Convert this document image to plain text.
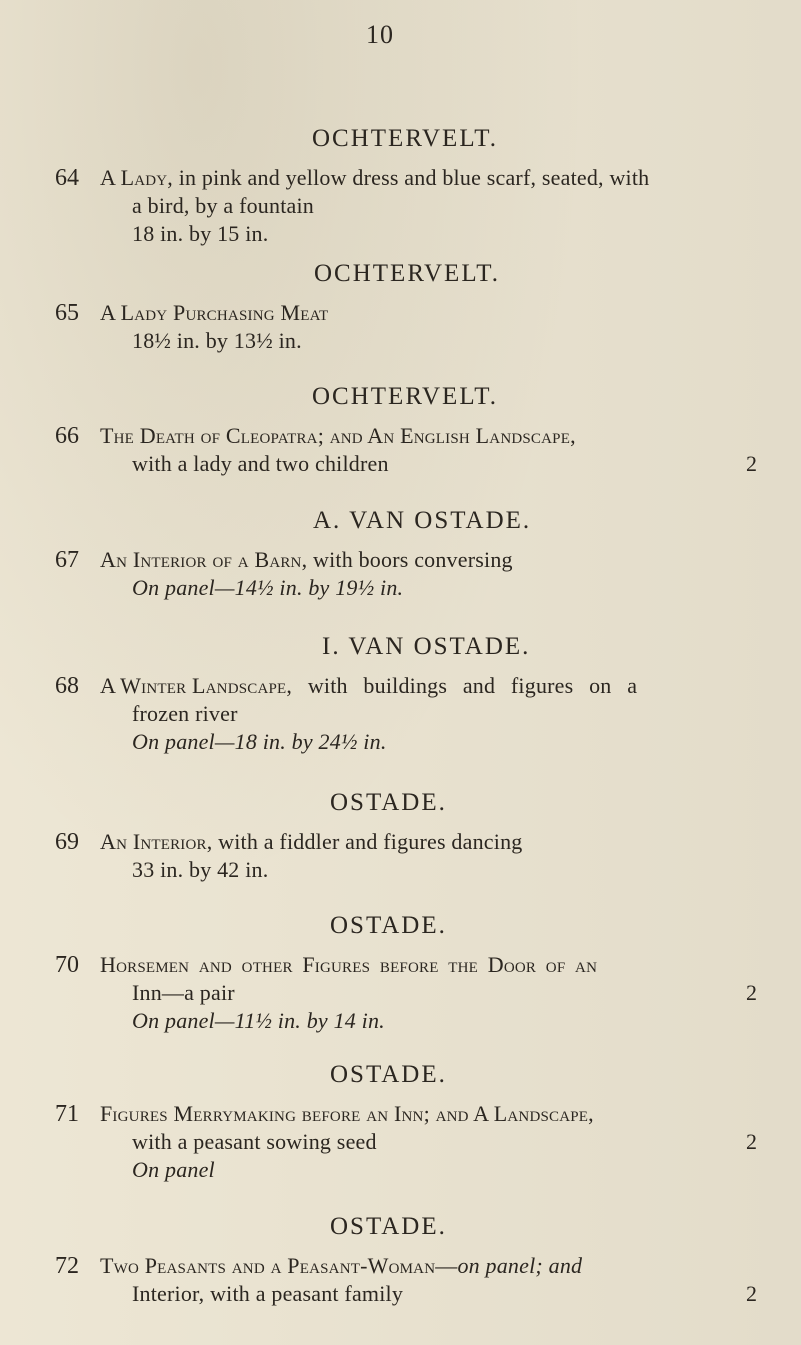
10
OCHTERVELT.
64 A Lady, in pink and yellow dress and blue scarf, seated, with
a bird, by a fountain
18 in. by 15 in.
OCHTERVELT.
65 A Lady Purchasing Meat
18½ in. by 13½ in.
OCHTERVELT.
66 The Death of Cleopatra; and An English Landscape,
with a lady and two children	2
A. VAN OSTADE.
67 An Interior of a Barn, with boors conversing
On panel—14½ in. by 19½ in.
I. VAN OSTADE.
68 A Winter Landscape, with buildings and figures on a
frozen river
On panel—18 in. by 24½ in.
OSTADE.
69 An Interior, with a fiddler and figures dancing
33 in. by 42 in.
OSTADE.
70 Horsemen and other Figures before the Door of an
Inn—a pair
On panel—11½ in. by 14 in.
2
OSTADE.
71 Figures Merrymaking before an Inn; and A Landscape,
with a peasant sowing seed
On panel
2
OSTADE.
72 Two Peasants and a Peasant-Woman—on panel; and
Interior, with a peasant family	2
